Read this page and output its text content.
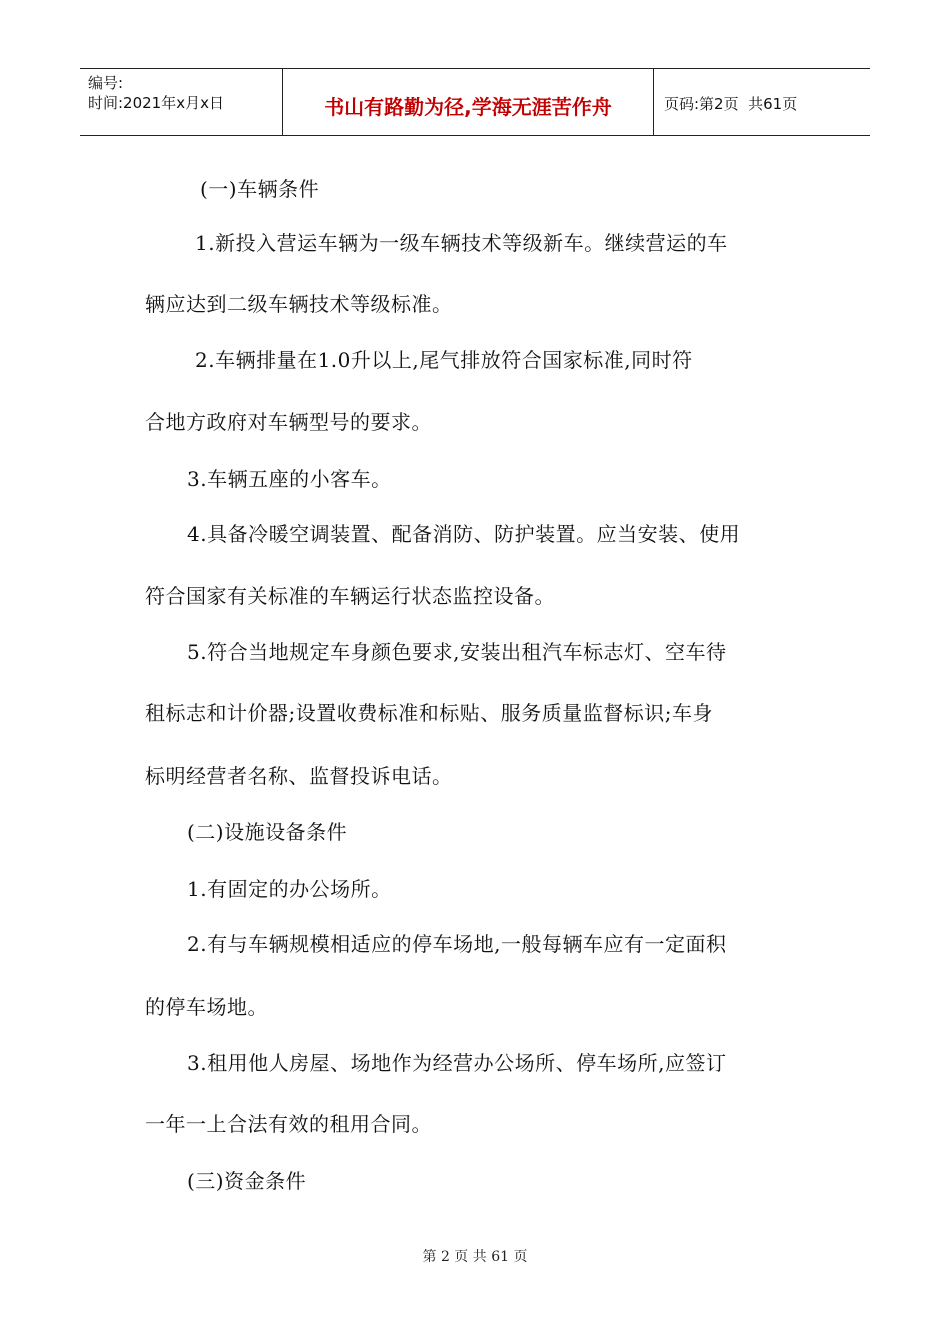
编号:
时间:2021年x月x日	书山有路勤为径,学海无涯苦作舟	页码:第2页  共61页
(一)车辆条件
1.新投入营运车辆为一级车辆技术等级新车。继续营运的车
辆应达到二级车辆技术等级标准。
2.车辆排量在1.0升以上,尾气排放符合国家标准,同时符
合地方政府对车辆型号的要求。
3.车辆五座的小客车。
4.具备冷暖空调装置、配备消防、防护装置。应当安装、使用
符合国家有关标准的车辆运行状态监控设备。
5.符合当地规定车身颜色要求,安装出租汽车标志灯、空车待
租标志和计价器;设置收费标准和标贴、服务质量监督标识;车身
标明经营者名称、监督投诉电话。
(二)设施设备条件
1.有固定的办公场所。
2.有与车辆规模相适应的停车场地,一般每辆车应有一定面积
的停车场地。
3.租用他人房屋、场地作为经营办公场所、停车场所,应签订
一年一上合法有效的租用合同。
(三)资金条件
第 2 页 共 61 页
